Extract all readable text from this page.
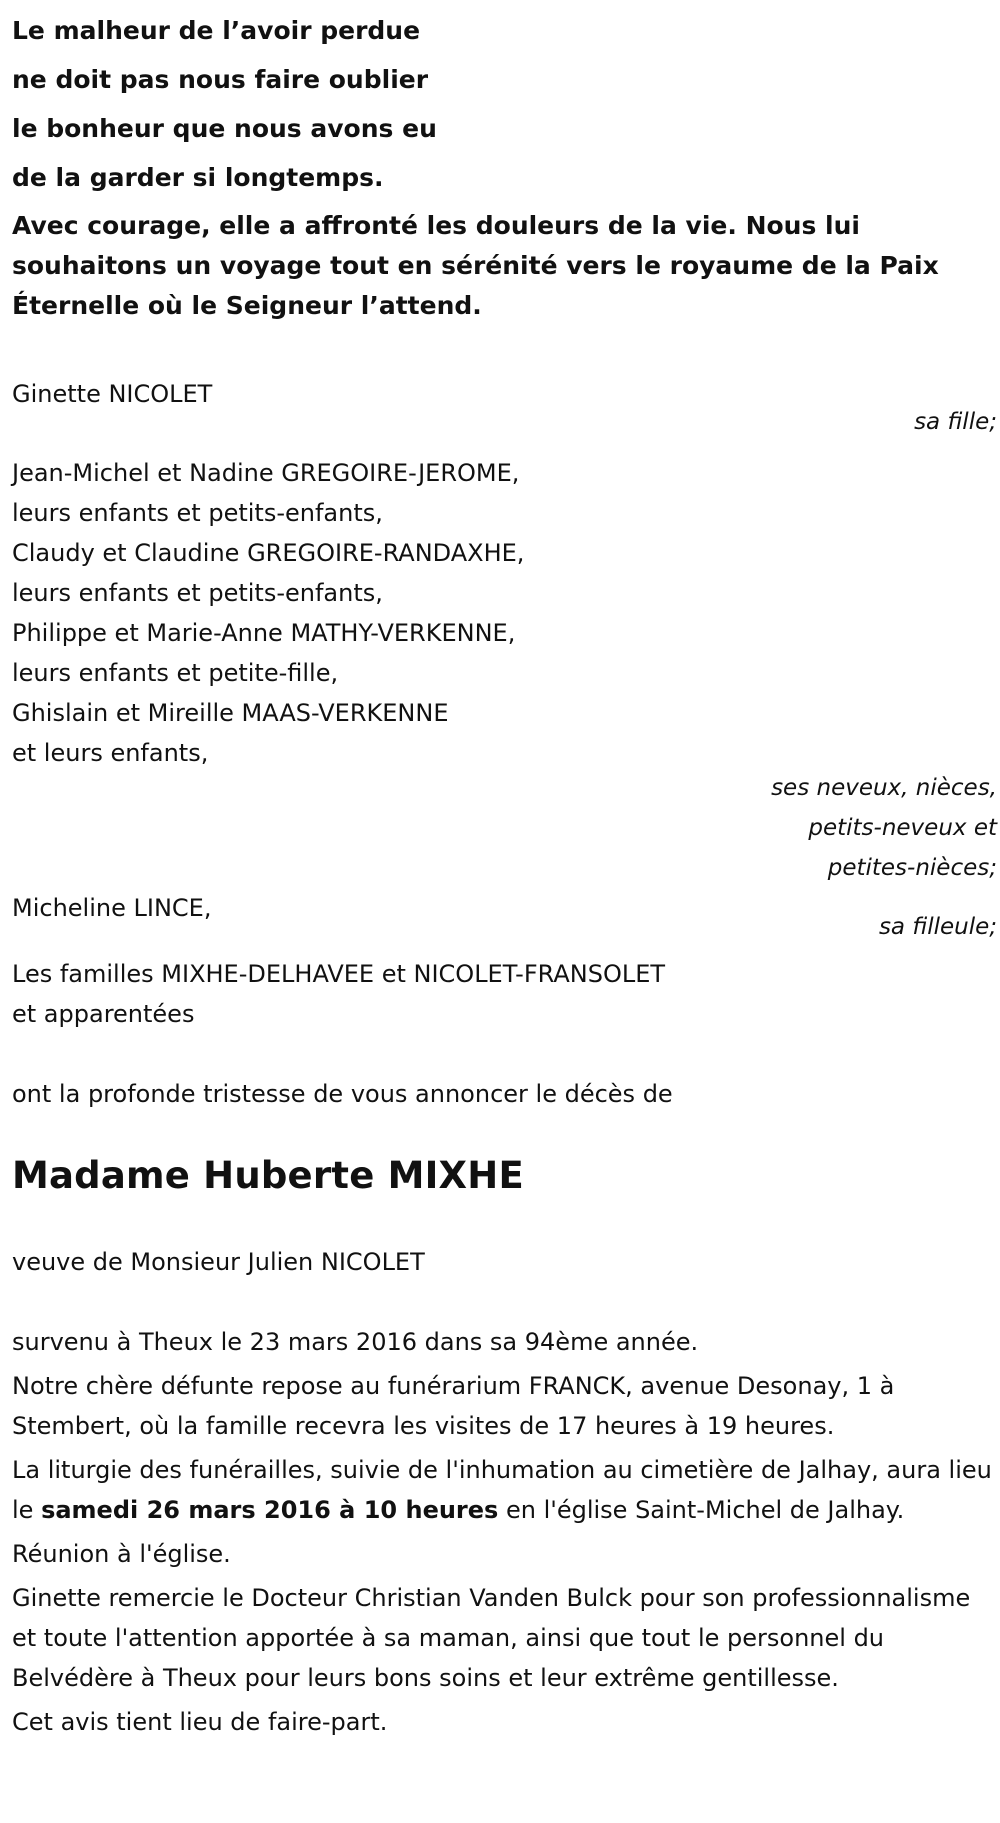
Le malheur de l’avoir perdue
ne doit pas nous faire oublier
le bonheur que nous avons eu
de la garder si longtemps.
Avec courage, elle a affronté les douleurs de la vie. Nous lui souhaitons un voyage tout en sérénité vers le royaume de la Paix Éternelle où le Seigneur l’attend.
Ginette NICOLET
sa fille;
Jean-Michel et Nadine GREGOIRE-JEROME,
leurs enfants et petits-enfants,
Claudy et Claudine GREGOIRE-RANDAXHE,
leurs enfants et petits-enfants,
Philippe et Marie-Anne MATHY-VERKENNE,
leurs enfants et petite-fille,
Ghislain et Mireille MAAS-VERKENNE
et leurs enfants,
ses neveux, nièces,
petits-neveux et
petites-nièces;
Micheline LINCE,
sa filleule;
Les familles MIXHE-DELHAVEE et NICOLET-FRANSOLET
et apparentées
ont la profonde tristesse de vous annoncer le décès de
Madame Huberte MIXHE
veuve de Monsieur Julien NICOLET
survenu à Theux le 23 mars 2016 dans sa 94ème année.
Notre chère défunte repose au funérarium FRANCK, avenue Desonay, 1 à Stembert, où la famille recevra les visites de 17 heures à 19 heures.
La liturgie des funérailles, suivie de l'inhumation au cimetière de Jalhay, aura lieu le samedi 26 mars 2016 à 10 heures en l'église Saint-Michel de Jalhay.
Réunion à l'église.
Ginette remercie le Docteur Christian Vanden Bulck pour son professionnalisme et toute l'attention apportée à sa maman, ainsi que tout le personnel du Belvédère à Theux pour leurs bons soins et leur extrême gentillesse.
Cet avis tient lieu de faire-part.
